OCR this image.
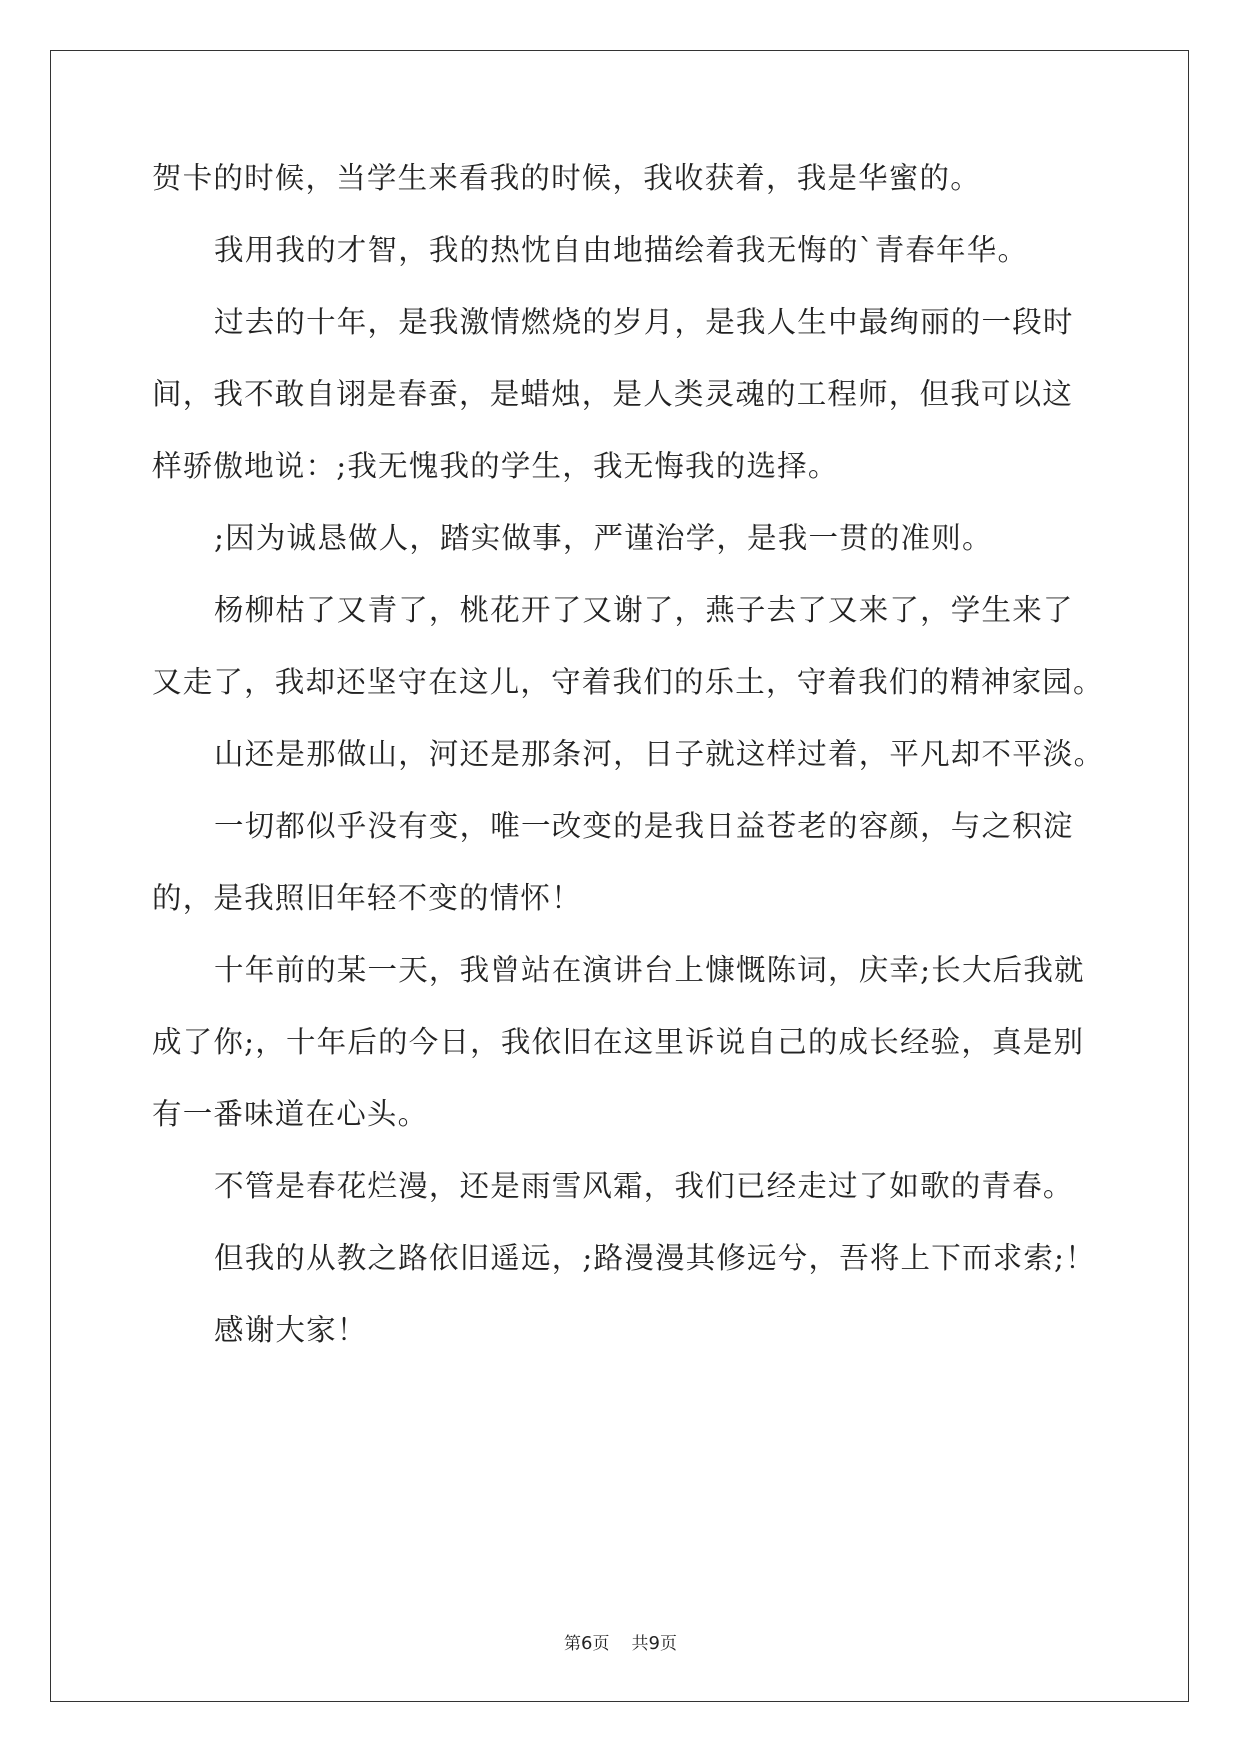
贺卡的时候，当学生来看我的时候，我收获着，我是华蜜的。
我用我的才智，我的热忱自由地描绘着我无悔的`青春年华。
过去的十年，是我激情燃烧的岁月，是我人生中最绚丽的一段时
间，我不敢自诩是春蚕，是蜡烛，是人类灵魂的工程师，但我可以这
样骄傲地说：;我无愧我的学生，我无悔我的选择。
;因为诚恳做人，踏实做事，严谨治学，是我一贯的准则。
杨柳枯了又青了，桃花开了又谢了，燕子去了又来了，学生来了
又走了，我却还坚守在这儿，守着我们的乐土，守着我们的精神家园。
山还是那做山，河还是那条河，日子就这样过着，平凡却不平淡。
一切都似乎没有变，唯一改变的是我日益苍老的容颜，与之积淀
的，是我照旧年轻不变的情怀！
十年前的某一天，我曾站在演讲台上慷慨陈词，庆幸;长大后我就
成了你;，十年后的今日，我依旧在这里诉说自己的成长经验，真是别
有一番味道在心头。
不管是春花烂漫，还是雨雪风霜，我们已经走过了如歌的青春。
但我的从教之路依旧遥远，;路漫漫其修远兮，吾将上下而求索;！
感谢大家！
第6页 共9页
